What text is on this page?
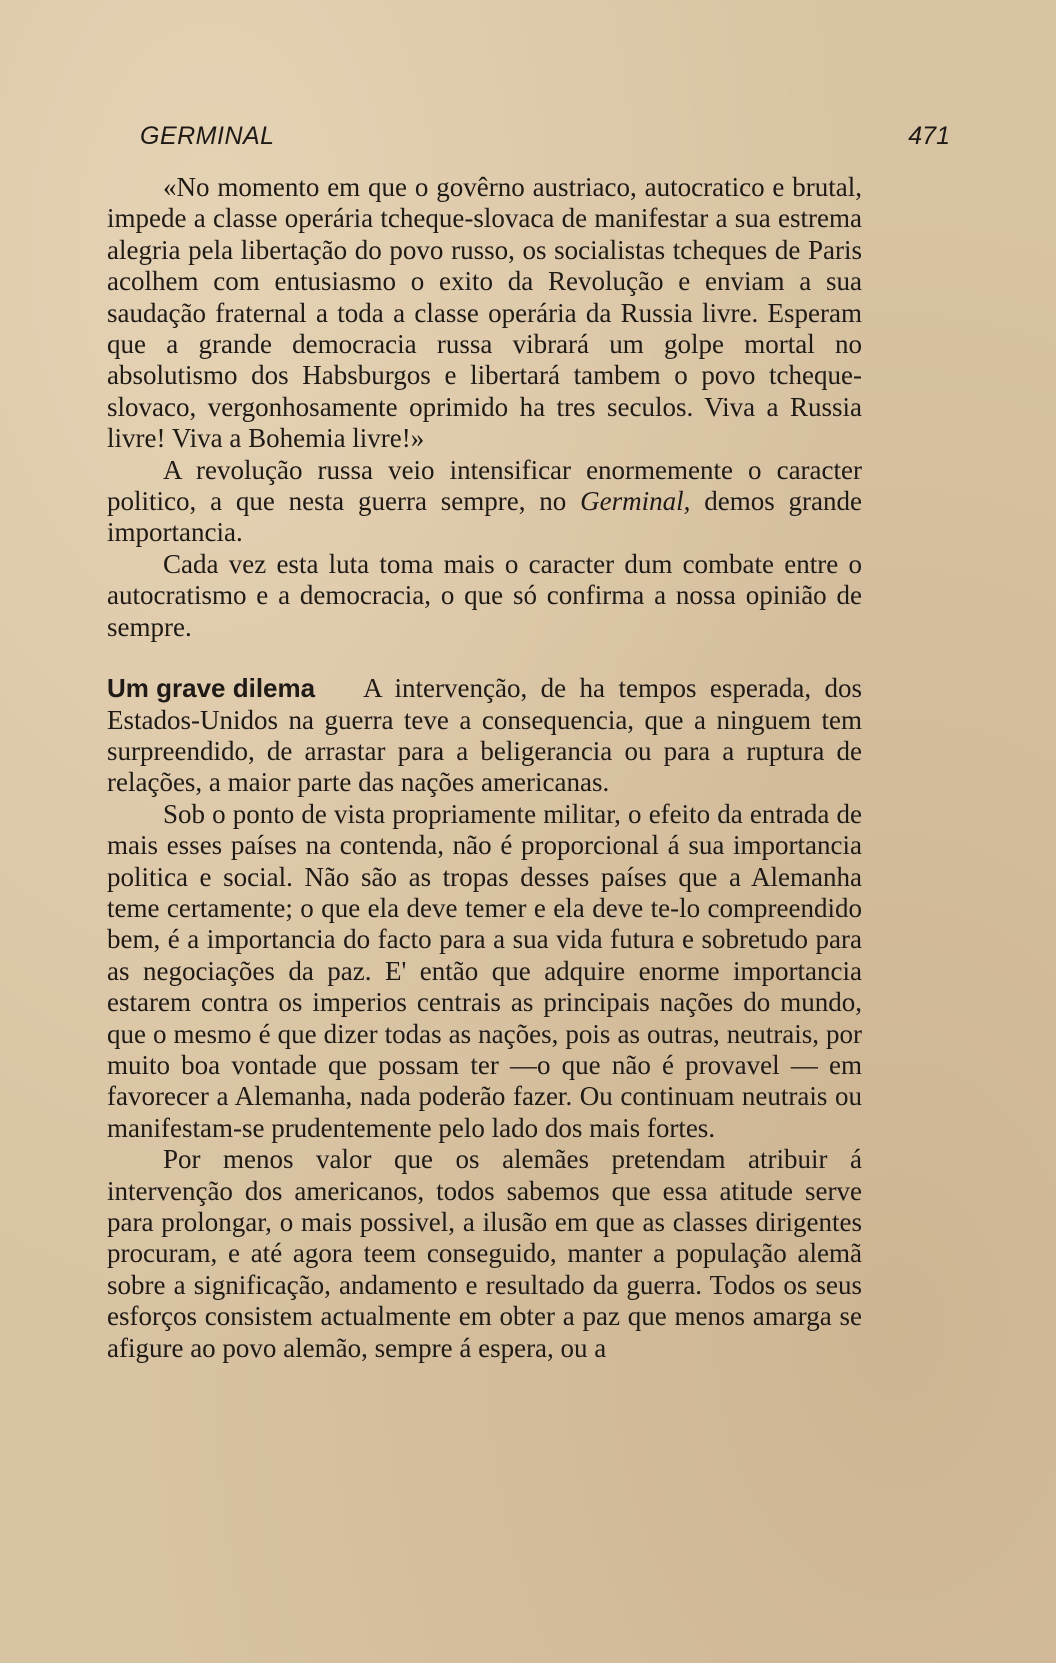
GERMINAL	471

«No momento em que o govêrno austriaco, autocratico e brutal, impede a classe operária tcheque-slovaca de manifestar a sua estrema alegria pela libertação do povo russo, os socialistas tcheques de Paris acolhem com entusiasmo o exito da Revolução e enviam a sua saudação fraternal a toda a classe operária da Russia livre. Esperam que a grande democracia russa vibrará um golpe mortal no absolutismo dos Habsburgos e libertará tambem o povo tcheque-slovaco, vergonhosamente oprimido ha tres seculos. Viva a Russia livre! Viva a Bohemia livre!»

A revolução russa veio intensificar enormemente o caracter politico, a que nesta guerra sempre, no Germinal, demos grande importancia.

Cada vez esta luta toma mais o caracter dum combate entre o autocratismo e a democracia, o que só confirma a nossa opinião de sempre.

Um grave dilema A intervenção, de ha tempos esperada, dos Estados-Unidos na guerra teve a consequencia, que a ninguem tem surpreendido, de arrastar para a beligerancia ou para a ruptura de relações, a maior parte das nações americanas.

Sob o ponto de vista propriamente militar, o efeito da entrada de mais esses países na contenda, não é proporcional á sua importancia politica e social. Não são as tropas desses países que a Alemanha teme certamente; o que ela deve temer e ela deve te-lo compreendido bem, é a importancia do facto para a sua vida futura e sobretudo para as negociações da paz. E' então que adquire enorme importancia estarem contra os imperios centrais as principais nações do mundo, que o mesmo é que dizer todas as nações, pois as outras, neutrais, por muito boa vontade que possam ter —o que não é provavel — em favorecer a Alemanha, nada poderão fazer. Ou continuam neutrais ou manifestam-se prudentemente pelo lado dos mais fortes.

Por menos valor que os alemães pretendam atribuir á intervenção dos americanos, todos sabemos que essa atitude serve para prolongar, o mais possivel, a ilusão em que as classes dirigentes procuram, e até agora teem conseguido, manter a população alemã sobre a significação, andamento e resultado da guerra. Todos os seus esforços consistem actualmente em obter a paz que menos amarga se afigure ao povo alemão, sempre á espera, ou a
